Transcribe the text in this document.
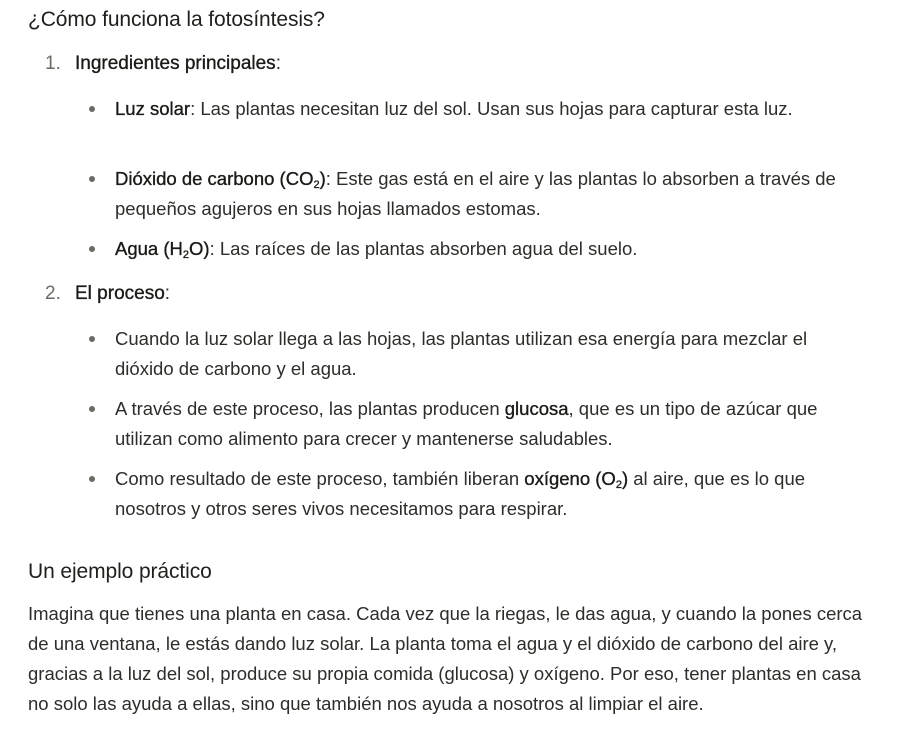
¿Cómo funciona la fotosíntesis?
1. Ingredientes principales:
Luz solar: Las plantas necesitan luz del sol. Usan sus hojas para capturar esta luz.
Dióxido de carbono $(CO_2)$: Este gas está en el aire y las plantas lo absorben a través de pequeños agujeros en sus hojas llamados estomas.
Agua $(H_2O)$: Las raíces de las plantas absorben agua del suelo.
2. El proceso:
Cuando la luz solar llega a las hojas, las plantas utilizan esa energía para mezclar el dióxido de carbono y el agua.
A través de este proceso, las plantas producen glucosa, que es un tipo de azúcar que utilizan como alimento para crecer y mantenerse saludables.
Como resultado de este proceso, también liberan oxígeno $(O_2)$ al aire, que es lo que nosotros y otros seres vivos necesitamos para respirar.
Un ejemplo práctico

Imagina que tienes una planta en casa. Cada vez que la riegas, le das agua, y cuando la pones cerca de una ventana, le estás dando luz solar. La planta toma el agua y el dióxido de carbono del aire y, gracias a la luz del sol, produce su propia comida (glucosa) y oxígeno. Por eso, tener plantas en casa no solo las ayuda a ellas, sino que también nos ayuda a nosotros al limpiar el aire.
